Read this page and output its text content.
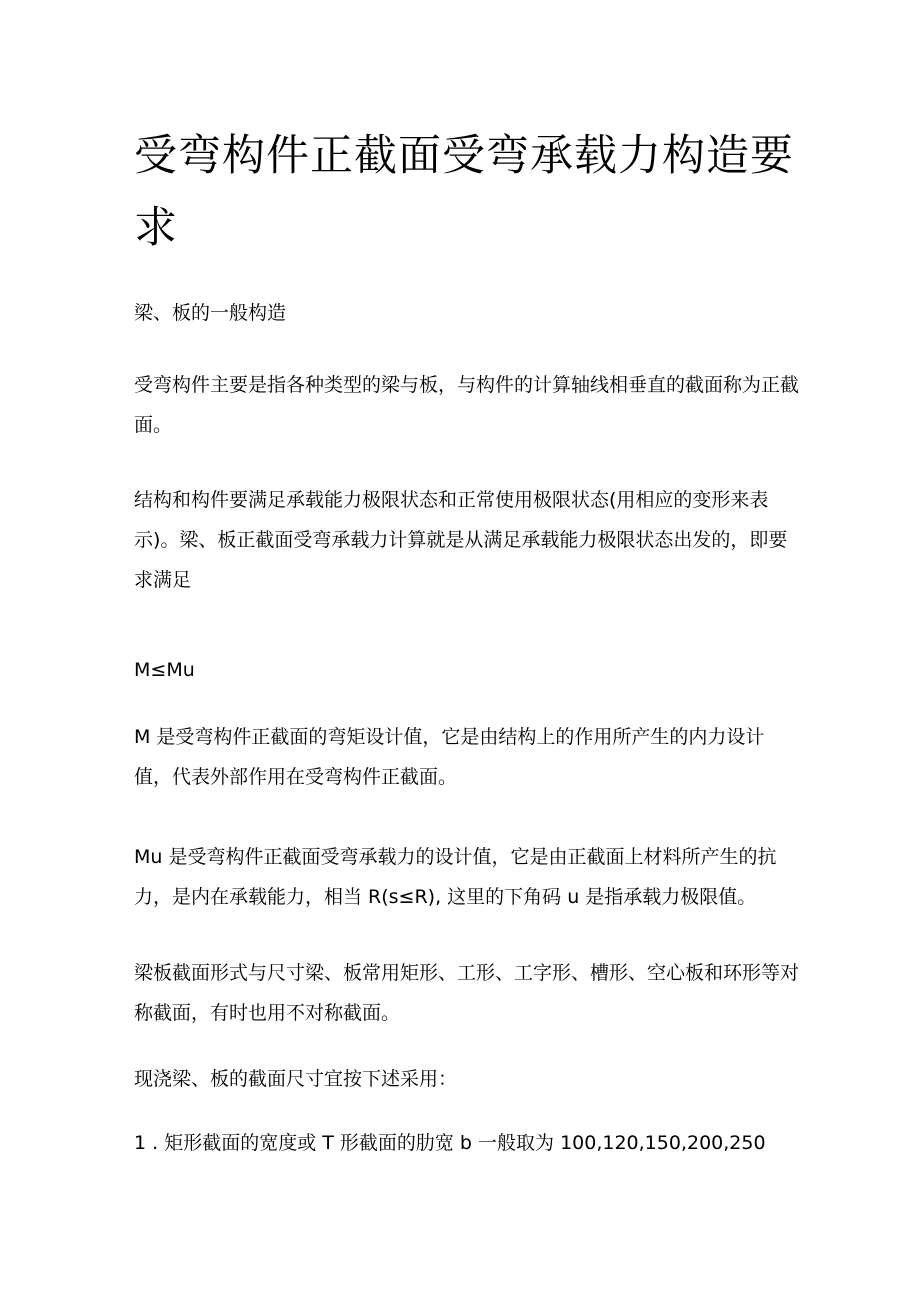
受弯构件正截面受弯承载力构造要求

梁、板的一般构造

受弯构件主要是指各种类型的梁与板，与构件的计算轴线相垂直的截面称为正截面。

结构和构件要满足承载能力极限状态和正常使用极限状态(用相应的变形来表示)。梁、板正截面受弯承载力计算就是从满足承载能力极限状态出发的，即要求满足

M≤Mu

M 是受弯构件正截面的弯矩设计值，它是由结构上的作用所产生的内力设计值，代表外部作用在受弯构件正截面。

Mu 是受弯构件正截面受弯承载力的设计值，它是由正截面上材料所产生的抗力，是内在承载能力，相当 R(s≤R), 这里的下角码 u 是指承载力极限值。

梁板截面形式与尺寸梁、板常用矩形、工形、工字形、槽形、空心板和环形等对称截面，有时也用不对称截面。

现浇梁、板的截面尺寸宜按下述采用：

1 . 矩形截面的宽度或 T 形截面的肋宽 b 一般取为 100,120,150,200,250
